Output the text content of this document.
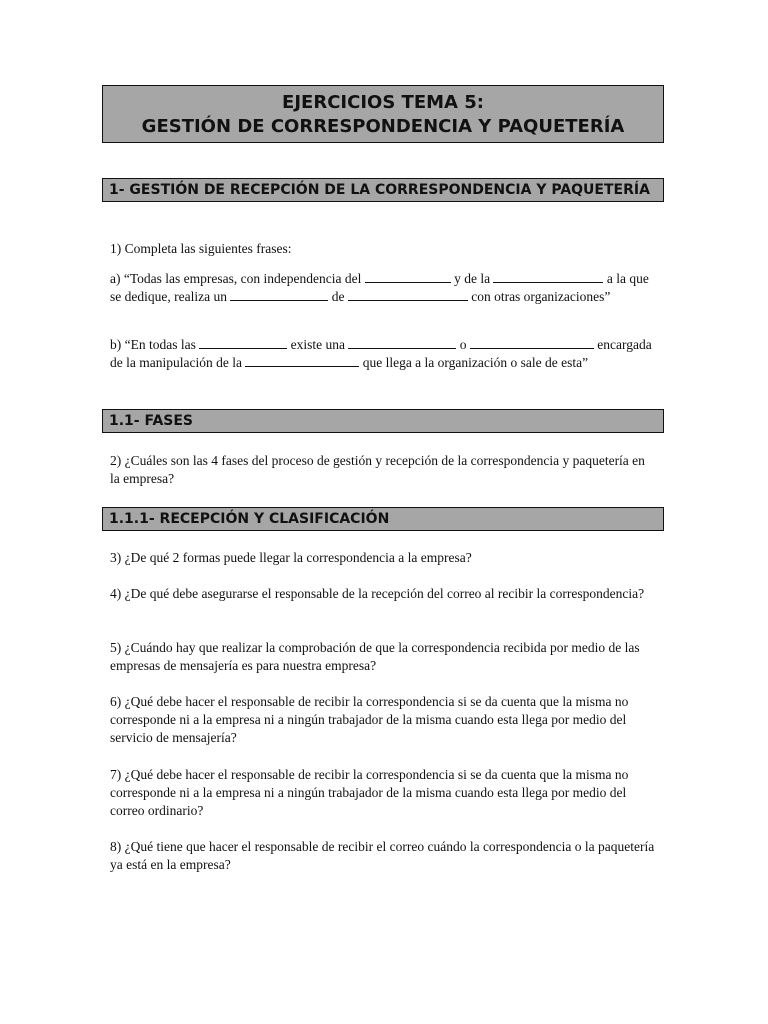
EJERCICIOS TEMA 5:
GESTIÓN DE CORRESPONDENCIA Y PAQUETERÍA
1- GESTIÓN DE RECEPCIÓN DE LA CORRESPONDENCIA Y PAQUETERÍA

1) Completa las siguientes frases:

a) “Todas las empresas, con independencia del	y de la	a la que se dedique, realiza un	de	con otras organizaciones”

b) “En todas las	existe una	o	encargada de la manipulación de la	que llega a la organización o sale de esta”

1.1- FASES

2) ¿Cuáles son las 4 fases del proceso de gestión y recepción de la correspondencia y paquetería en la empresa?

1.1.1- RECEPCIÓN Y CLASIFICACIÓN

3) ¿De qué 2 formas puede llegar la correspondencia a la empresa?

4) ¿De qué debe asegurarse el responsable de la recepción del correo al recibir la correspondencia?

5) ¿Cuándo hay que realizar la comprobación de que la correspondencia recibida por medio de las empresas de mensajería es para nuestra empresa?

6) ¿Qué debe hacer el responsable de recibir la correspondencia si se da cuenta que la misma no corresponde ni a la empresa ni a ningún trabajador de la misma cuando esta llega por medio del servicio de mensajería?

7) ¿Qué debe hacer el responsable de recibir la correspondencia si se da cuenta que la misma no corresponde ni a la empresa ni a ningún trabajador de la misma cuando esta llega por medio del correo ordinario?

8) ¿Qué tiene que hacer el responsable de recibir el correo cuándo la correspondencia o la paquetería ya está en la empresa?
